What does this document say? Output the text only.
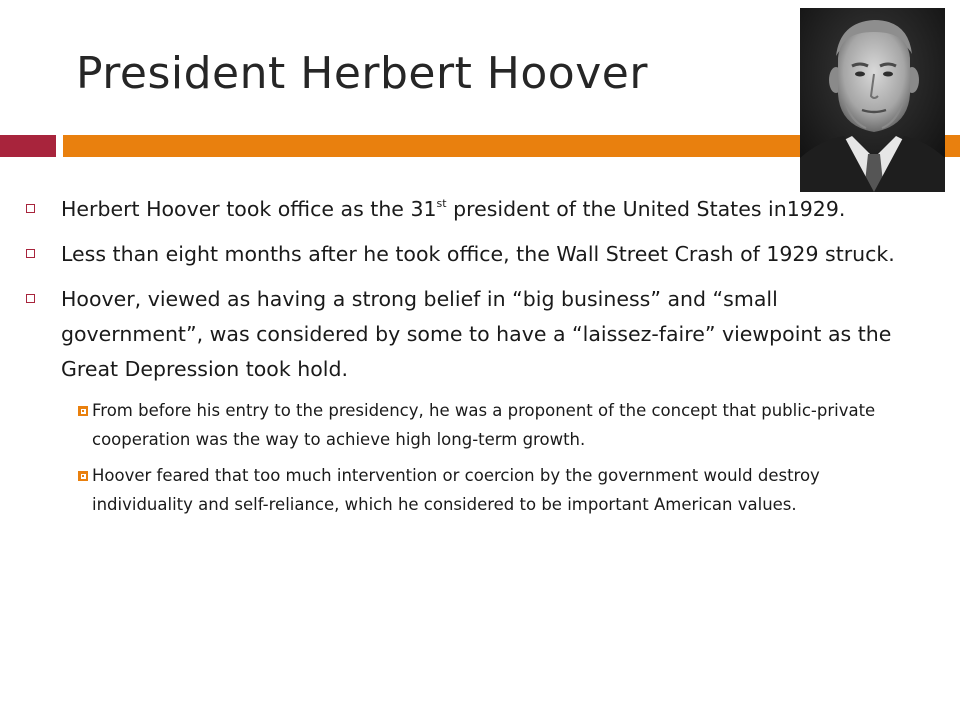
President Herbert Hoover
Herbert Hoover took office as the 31st president of the United States in1929.
Less than eight months after he took office, the Wall Street Crash of 1929 struck.
Hoover, viewed as having a strong belief in “big business” and “small government”, was considered by some to have a “laissez-faire” viewpoint as the Great Depression took hold.
From before his entry to the presidency, he was a proponent of the concept that public-private cooperation was the way to achieve high long-term growth.
Hoover feared that too much intervention or coercion by the government would destroy individuality and self-reliance, which he considered to be important American values.
